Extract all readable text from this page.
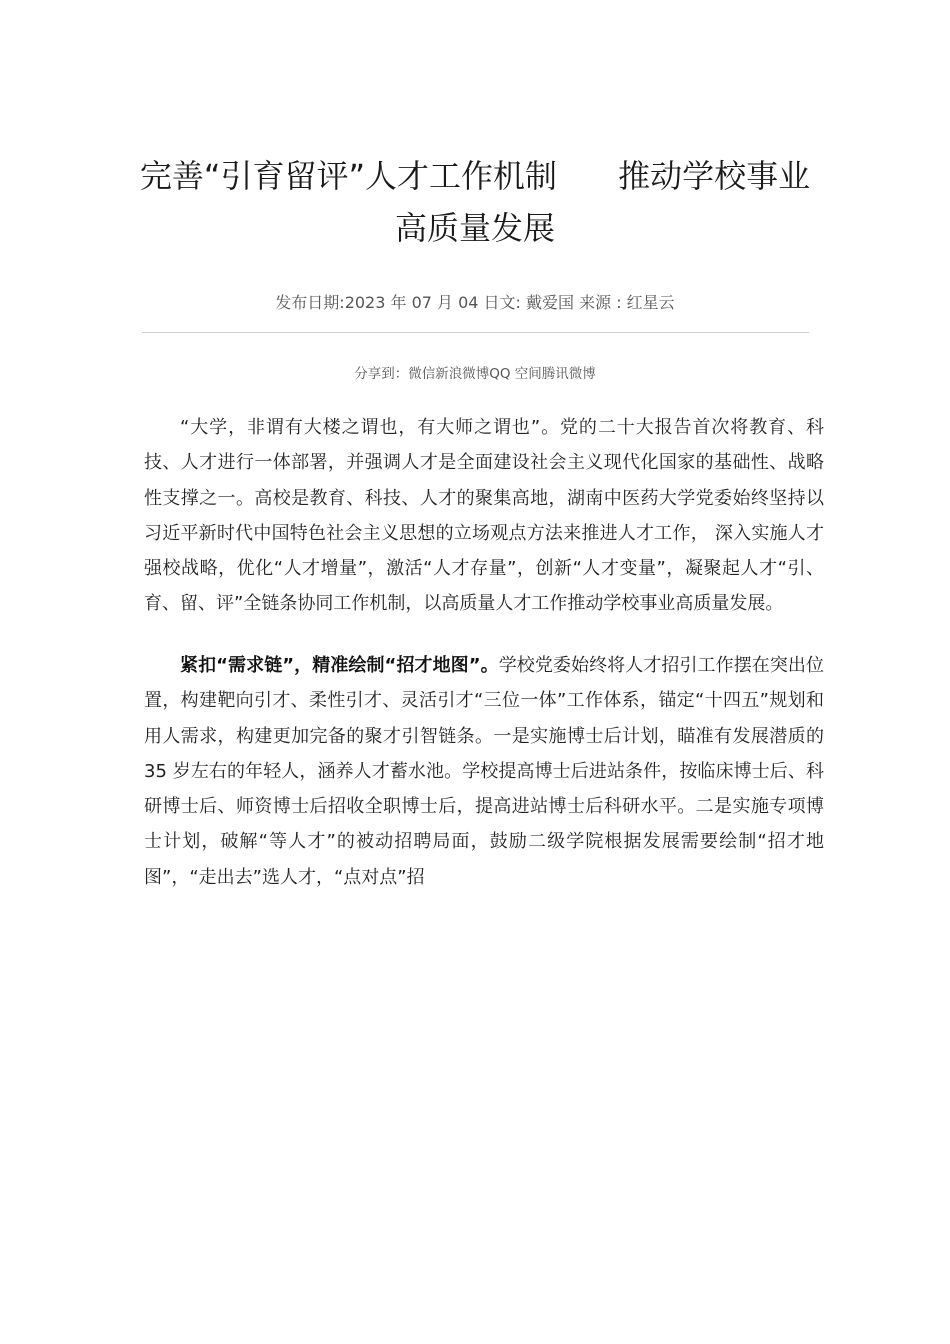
完善“引育留评”人才工作机制      推动学校事业
高质量发展
发布日期:2023 年 07 月 04 日文: 戴爱国 来源 : 红星云
分享到：微信新浪微博QQ 空间腾讯微博

“大学，非谓有大楼之谓也，有大师之谓也”。党的二十大报告首次将教育、科技、人才进行一体部署，并强调人才是全面建设社会主义现代化国家的基础性、战略性支撑之一。高校是教育、科技、人才的聚集高地，湖南中医药大学党委始终坚持以习近平新时代中国特色社会主义思想的立场观点方法来推进人才工作， 深入实施人才强校战略，优化“人才增量”，激活“人才存量”，创新“人才变量”，凝聚起人才“引、育、留、评”全链条协同工作机制，以高质量人才工作推动学校事业高质量发展。

紧扣“需求链”，精准绘制“招才地图”。学校党委始终将人才招引工作摆在突出位置，构建靶向引才、柔性引才、灵活引才“三位一体”工作体系，锚定“十四五”规划和用人需求，构建更加完备的聚才引智链条。一是实施博士后计划，瞄准有发展潜质的 35 岁左右的年轻人，涵养人才蓄水池。学校提高博士后进站条件，按临床博士后、科研博士后、师资博士后招收全职博士后，提高进站博士后科研水平。二是实施专项博士计划，破解“等人才”的被动招聘局面，鼓励二级学院根据发展需要绘制“招才地图”，“走出去”选人才，“点对点”招
